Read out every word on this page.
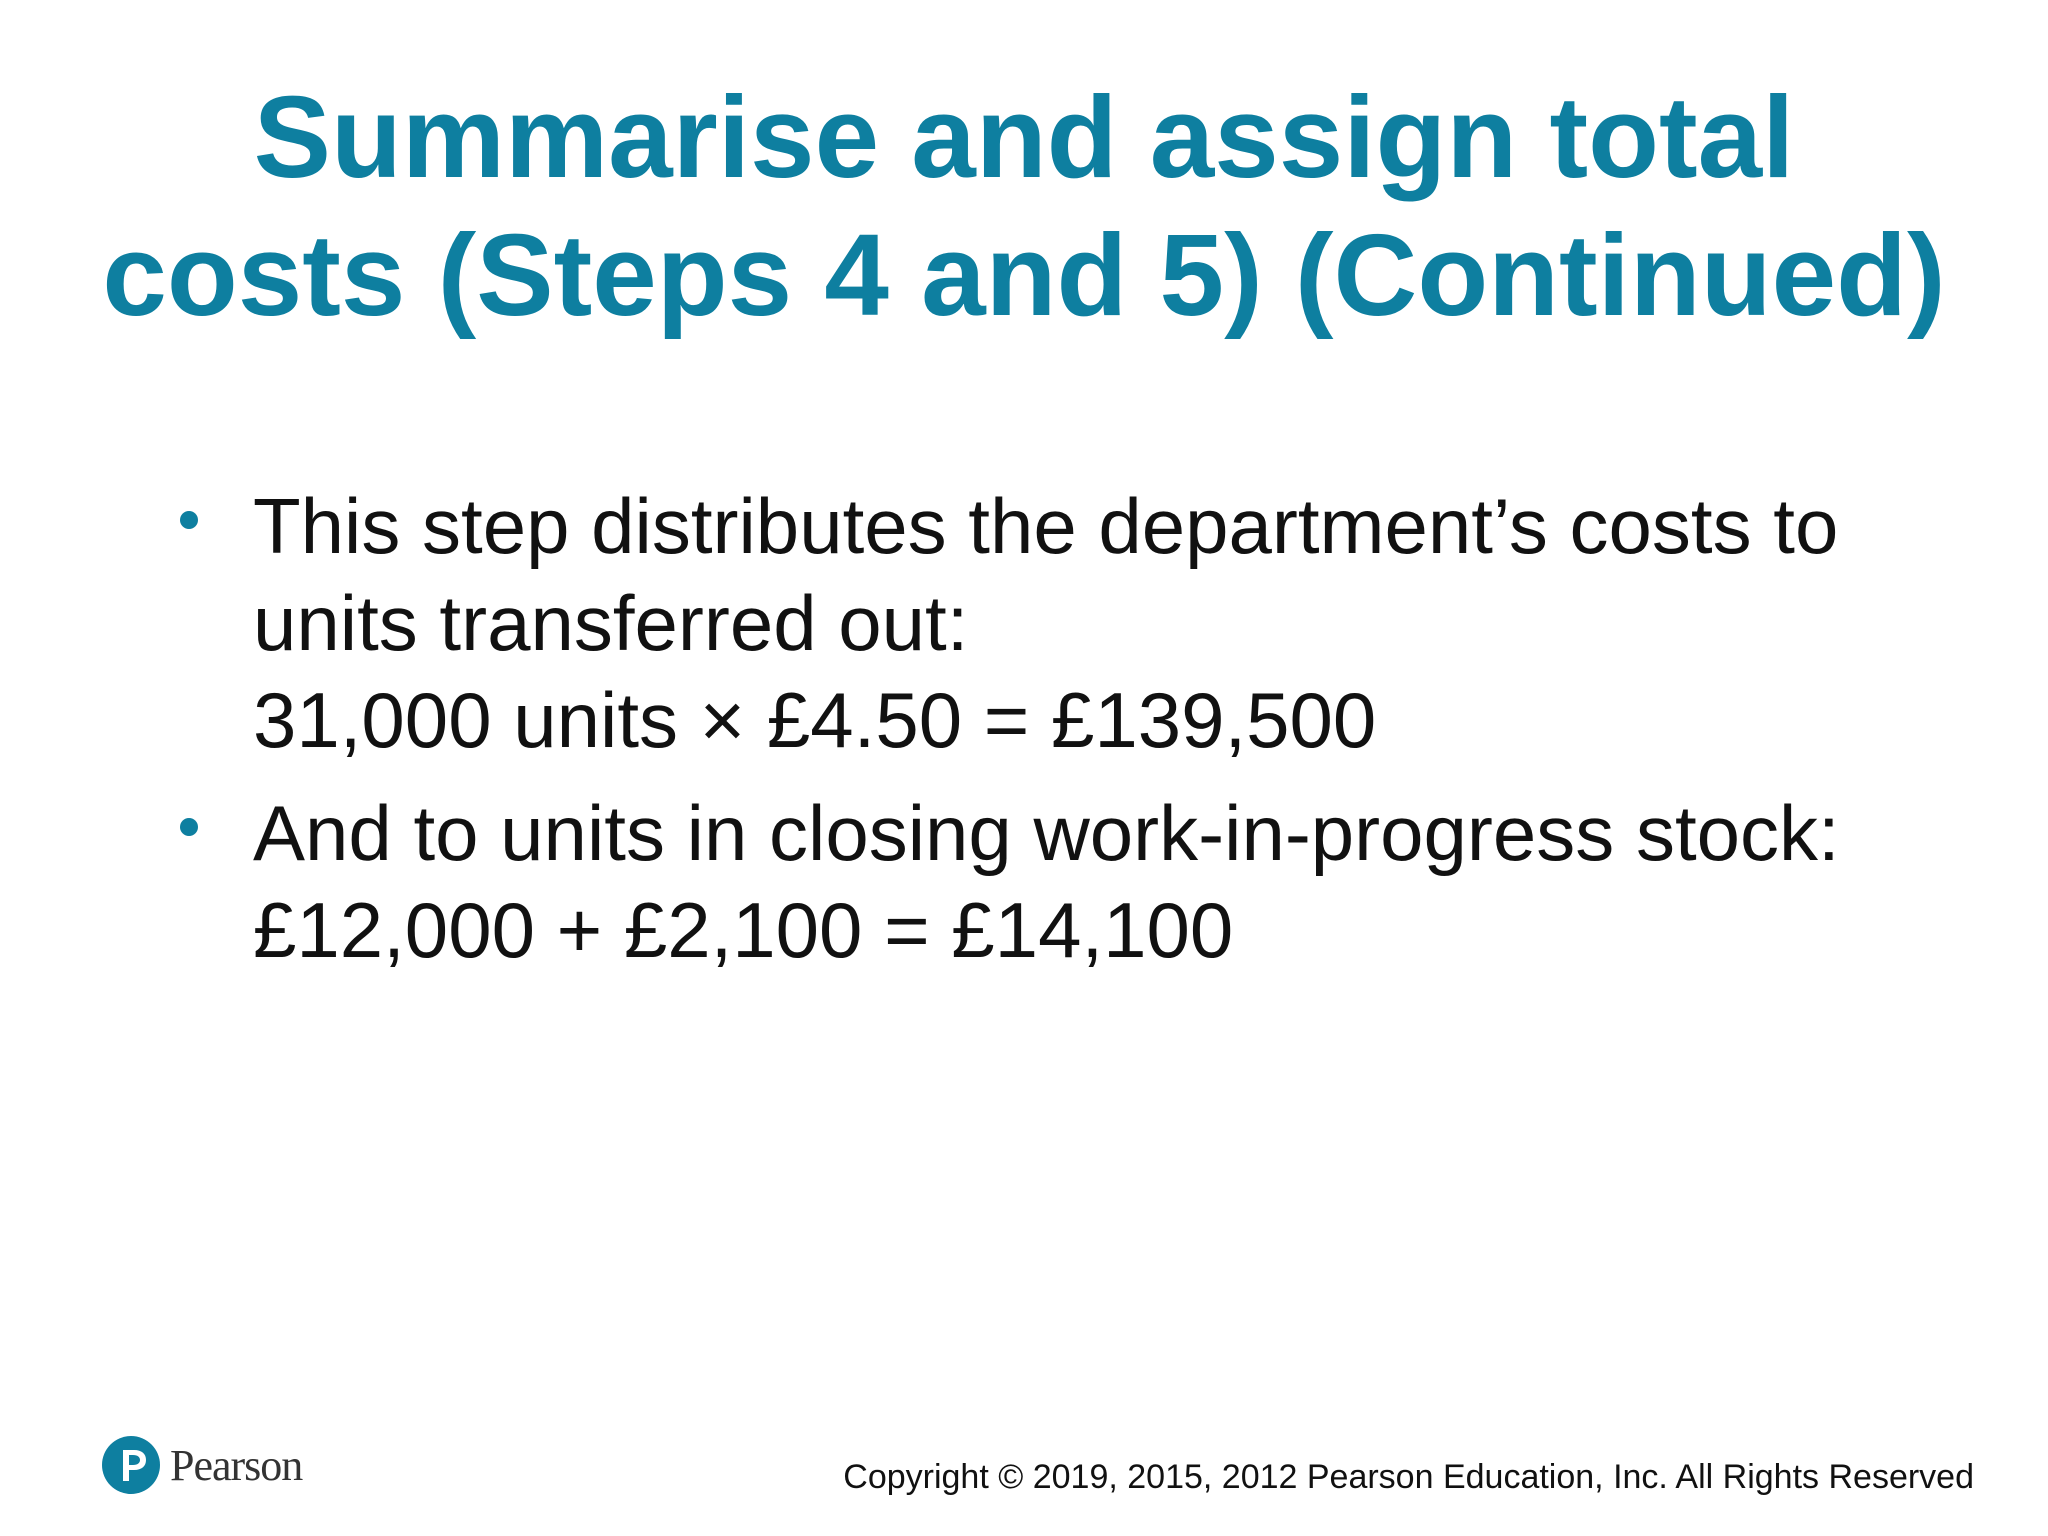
Summarise and assign total
costs (Steps 4 and 5) (Continued)
This step distributes the department’s costs to
units transferred out:
31,000 units × £4.50 = £139,500
And to units in closing work-in-progress stock:
£12,000 + £2,100 = £14,100
Pearson	Copyright © 2019, 2015, 2012 Pearson Education, Inc. All Rights Reserved
